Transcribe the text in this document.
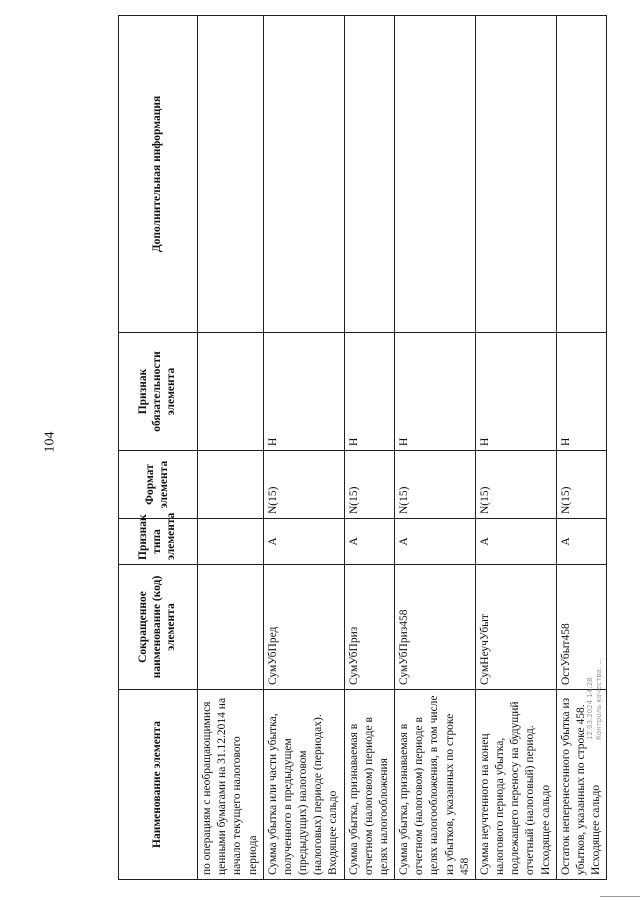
104
Наименование элемента	Сокращенное наименование (код) элемента	Признак типа элемента	Формат элемента	Признак обязательности элемента	Дополнительная информация
по операциям с необращающимися ценными бумагами на 31.12.2014 на начало текущего налогового периода					
Сумма убытка или части убытка, полученного в предыдущем (предыдущих) налоговом (налоговых) периоде (периодах). Входящее сальдо	СумУбПред	А	N(15)	Н	
Сумма убытка, признаваемая в отчетном (налоговом) периоде в целях налогообложения	СумУбПриз	А	N(15)	Н	
Сумма убытка, признаваемая в отчетном (налоговом) периоде в целях налогообложения, в том числе из убытков, указанных по строке 458	СумУбПриз458	А	N(15)	Н	
Сумма неучтенного на конец налогового периода убытка, подлежащего переносу на будущий отчетный (налоговый) период. Исходящее сальдо	СумНеучУбыт	А	N(15)	Н	
Остаток неперенесенного убытка из убытков, указанных по строке 458. Исходящее сальдо	ОстУбыт458	А	N(15)	Н	
12.03.2024 14:28 Контроль качества: ...
